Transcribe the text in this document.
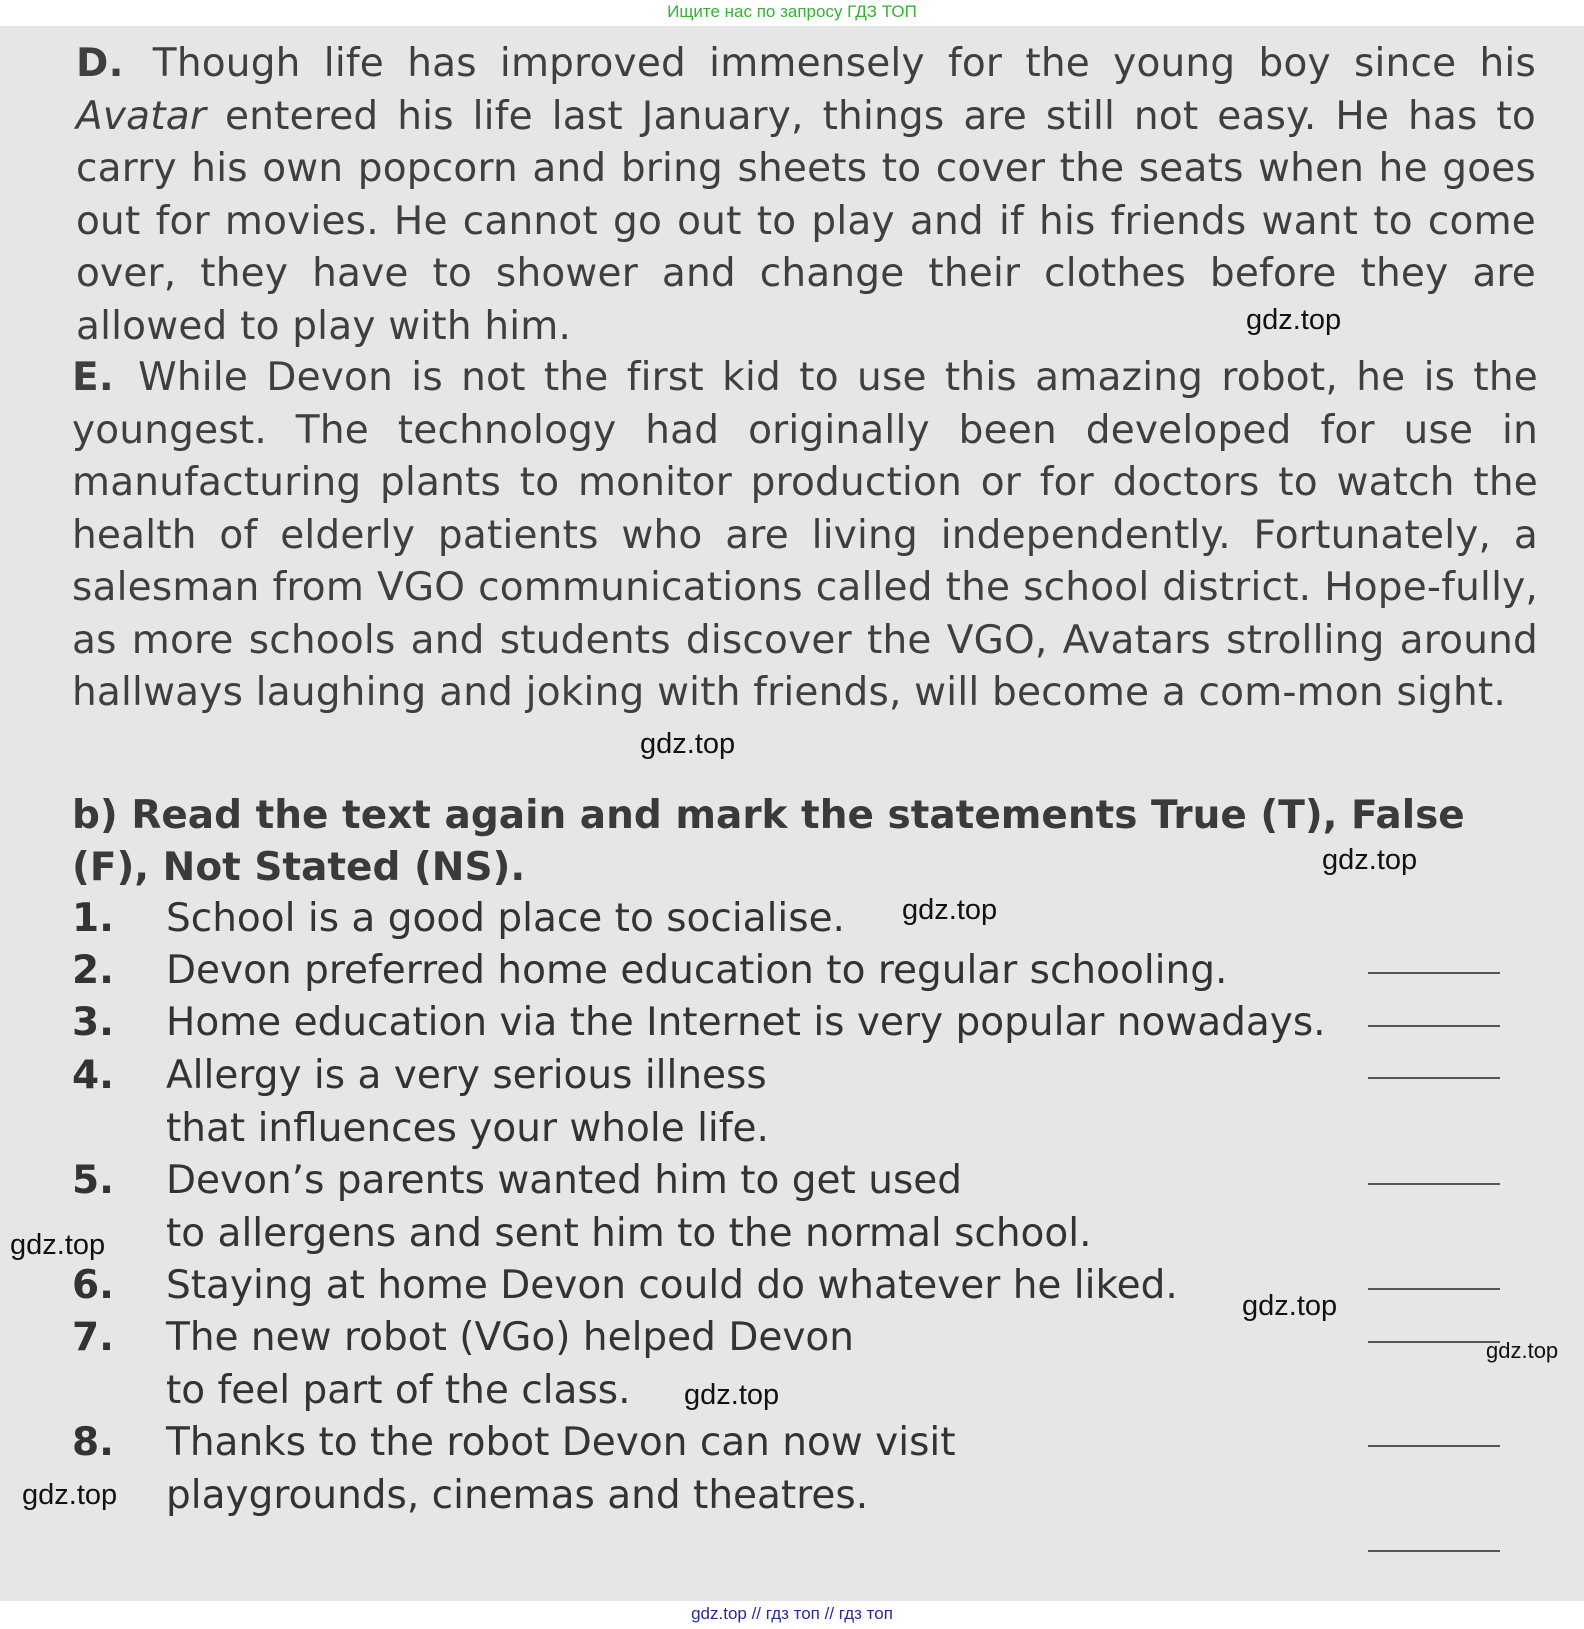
Ищите нас по запросу ГДЗ ТОП
D. Though life has improved immensely for the young boy since his Avatar entered his life last January, things are still not easy. He has to carry his own popcorn and bring sheets to cover the seats when he goes out for movies. He cannot go out to play and if his friends want to come over, they have to shower and change their clothes before they are allowed to play with him.
E. While Devon is not the first kid to use this amazing robot, he is the youngest. The technology had originally been developed for use in manufacturing plants to monitor production or for doctors to watch the health of elderly patients who are living independently. Fortunately, a salesman from VGO communications called the school district. Hope-fully, as more schools and students discover the VGO, Avatars strolling around hallways laughing and joking with friends, will become a com-mon sight.
b) Read the text again and mark the statements True (T), False (F), Not Stated (NS).
1. School is a good place to socialise.
2. Devon preferred home education to regular schooling.
3. Home education via the Internet is very popular nowadays.
4. Allergy is a very serious illness
that influences your whole life.
5. Devon’s parents wanted him to get used
to allergens and sent him to the normal school.
6. Staying at home Devon could do whatever he liked.
7. The new robot (VGo) helped Devon
to feel part of the class.
8. Thanks to the robot Devon can now visit
playgrounds, cinemas and theatres.
gdz.top
gdz.top
gdz.top
gdz.top
gdz.top
gdz.top
gdz.top
gdz.top
gdz.top
gdz.top // гдз топ // гдз топ
